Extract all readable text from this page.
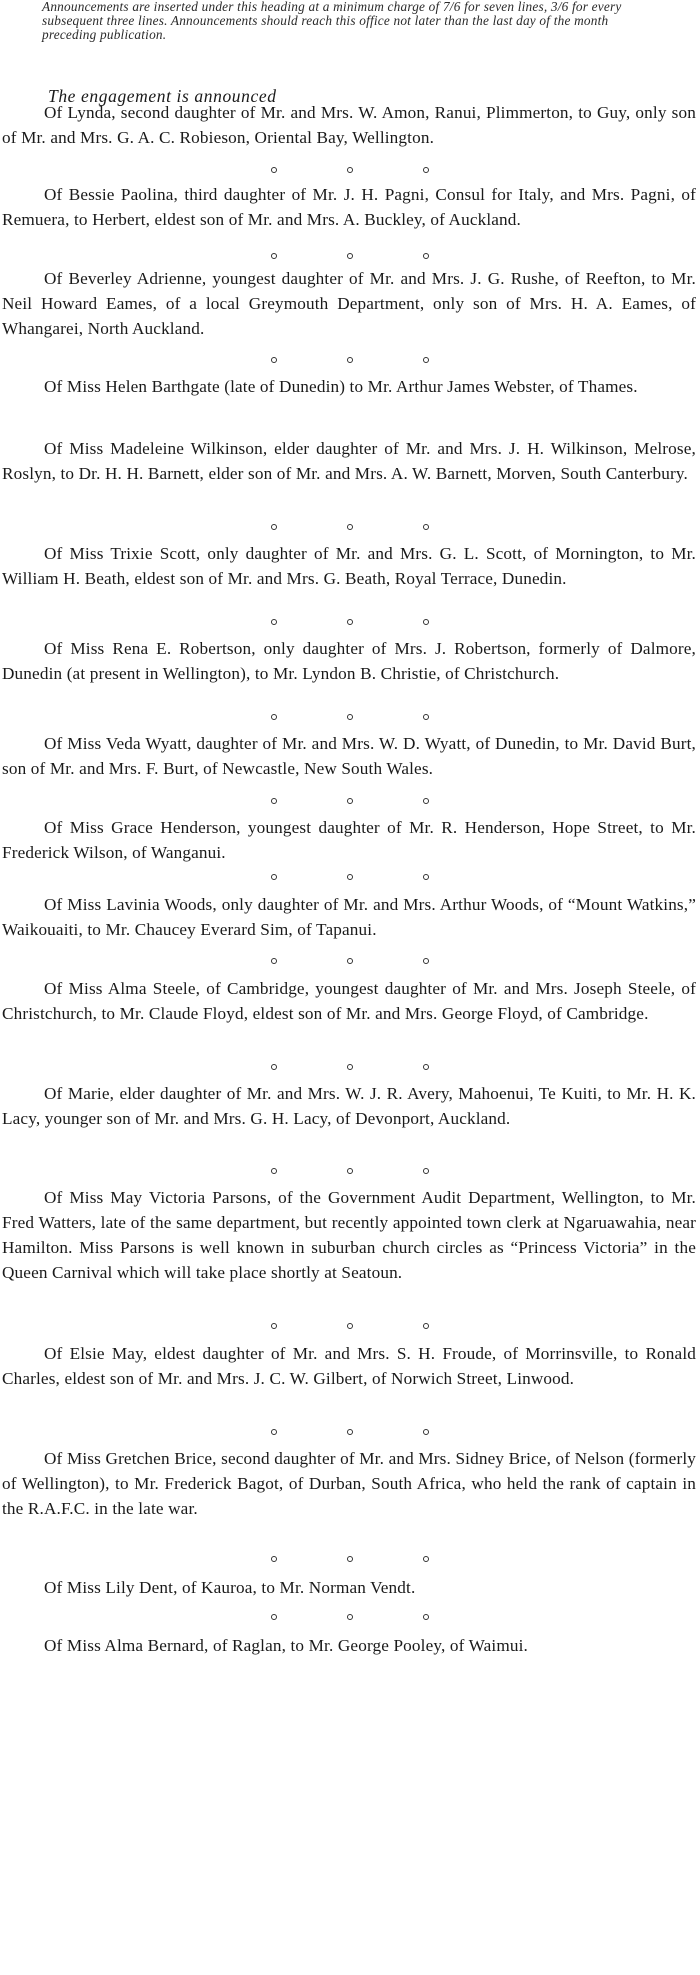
Announcements are inserted under this heading at a minimum charge of 7/6 for seven lines, 3/6 for every subsequent three lines. Announcements should reach this office not later than the last day of the month preceding publication.
The engagement is announced
Of Lynda, second daughter of Mr. and Mrs. W. Amon, Ranui, Plimmerton, to Guy, only son of Mr. and Mrs. G. A. C. Robieson, Oriental Bay, Wellington.
Of Bessie Paolina, third daughter of Mr. J. H. Pagni, Consul for Italy, and Mrs. Pagni, of Remuera, to Herbert, eldest son of Mr. and Mrs. A. Buckley, of Auckland.
Of Beverley Adrienne, youngest daughter of Mr. and Mrs. J. G. Rushe, of Reefton, to Mr. Neil Howard Eames, of a local Greymouth Department, only son of Mrs. H. A. Eames, of Whangarei, North Auckland.
Of Miss Helen Barthgate (late of Dunedin) to Mr. Arthur James Webster, of Thames.
Of Miss Madeleine Wilkinson, elder daughter of Mr. and Mrs. J. H. Wilkinson, Melrose, Roslyn, to Dr. H. H. Barnett, elder son of Mr. and Mrs. A. W. Barnett, Morven, South Canterbury.
Of Miss Trixie Scott, only daughter of Mr. and Mrs. G. L. Scott, of Mornington, to Mr. William H. Beath, eldest son of Mr. and Mrs. G. Beath, Royal Terrace, Dunedin.
Of Miss Rena E. Robertson, only daughter of Mrs. J. Robertson, formerly of Dalmore, Dunedin (at present in Wellington), to Mr. Lyndon B. Christie, of Christchurch.
Of Miss Veda Wyatt, daughter of Mr. and Mrs. W. D. Wyatt, of Dunedin, to Mr. David Burt, son of Mr. and Mrs. F. Burt, of Newcastle, New South Wales.
Of Miss Grace Henderson, youngest daughter of Mr. R. Henderson, Hope Street, to Mr. Frederick Wilson, of Wanganui.
Of Miss Lavinia Woods, only daughter of Mr. and Mrs. Arthur Woods, of “Mount Watkins,” Waikouaiti, to Mr. Chaucey Everard Sim, of Tapanui.
Of Miss Alma Steele, of Cambridge, youngest daughter of Mr. and Mrs. Joseph Steele, of Christchurch, to Mr. Claude Floyd, eldest son of Mr. and Mrs. George Floyd, of Cambridge.
Of Marie, elder daughter of Mr. and Mrs. W. J. R. Avery, Mahoenui, Te Kuiti, to Mr. H. K. Lacy, younger son of Mr. and Mrs. G. H. Lacy, of Devonport, Auckland.
Of Miss May Victoria Parsons, of the Government Audit Department, Wellington, to Mr. Fred Watters, late of the same department, but recently appointed town clerk at Ngaruawahia, near Hamilton. Miss Parsons is well known in suburban church circles as “Princess Victoria” in the Queen Carnival which will take place shortly at Seatoun.
Of Elsie May, eldest daughter of Mr. and Mrs. S. H. Froude, of Morrinsville, to Ronald Charles, eldest son of Mr. and Mrs. J. C. W. Gilbert, of Norwich Street, Linwood.
Of Miss Gretchen Brice, second daughter of Mr. and Mrs. Sidney Brice, of Nelson (formerly of Wellington), to Mr. Frederick Bagot, of Durban, South Africa, who held the rank of captain in the R.A.F.C. in the late war.
Of Miss Lily Dent, of Kauroa, to Mr. Norman Vendt.
Of Miss Alma Bernard, of Raglan, to Mr. George Pooley, of Waimui.
